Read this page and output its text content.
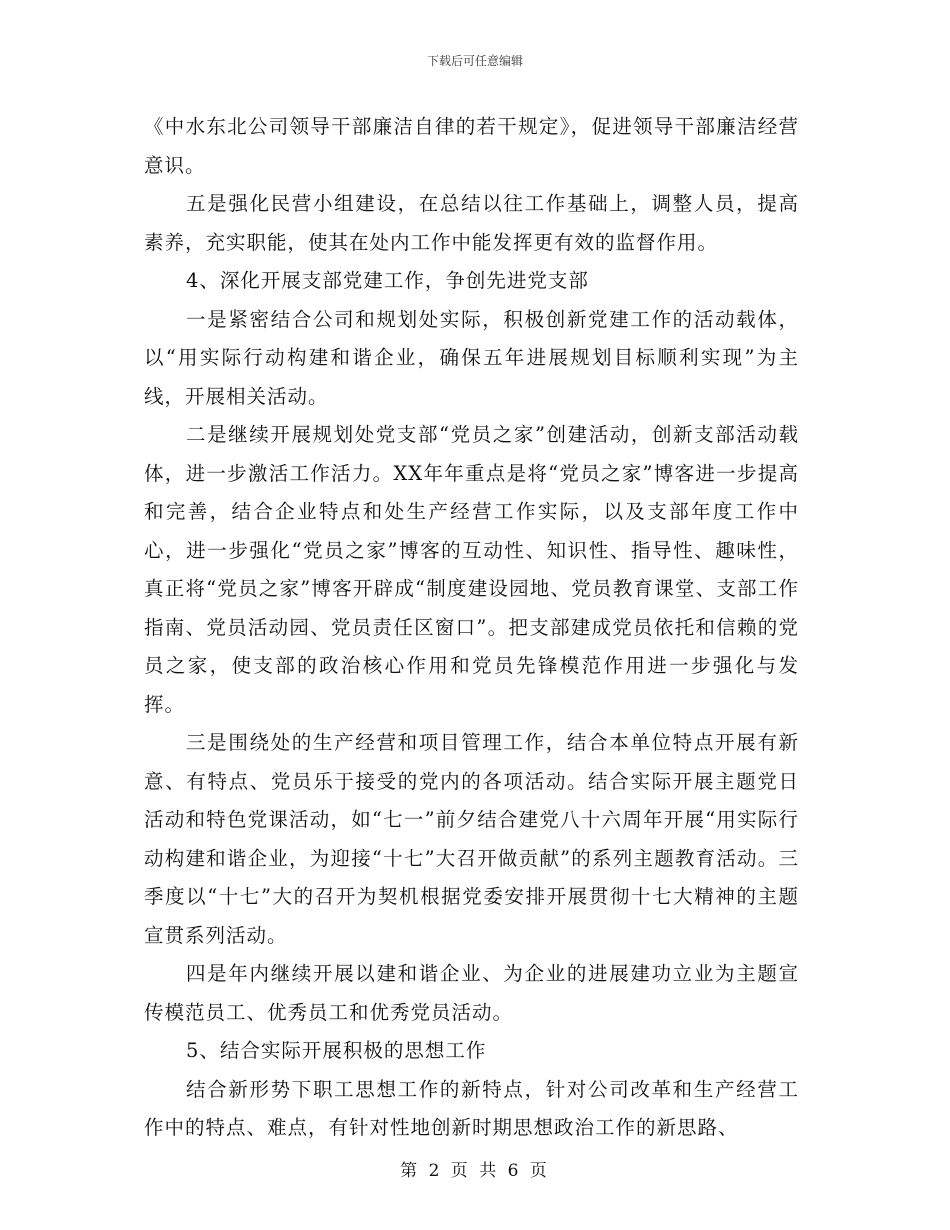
下载后可任意编辑

《中水东北公司领导干部廉洁自律的若干规定》，促进领导干部廉洁经营意识。

五是强化民营小组建设，在总结以往工作基础上，调整人员，提高素养，充实职能，使其在处内工作中能发挥更有效的监督作用。

4、深化开展支部党建工作，争创先进党支部

一是紧密结合公司和规划处实际，积极创新党建工作的活动载体，以“用实际行动构建和谐企业，确保五年进展规划目标顺利实现”为主线，开展相关活动。

二是继续开展规划处党支部“党员之家”创建活动，创新支部活动载体，进一步激活工作活力。XX年年重点是将“党员之家”博客进一步提高和完善，结合企业特点和处生产经营工作实际，以及支部年度工作中心，进一步强化“党员之家”博客的互动性、知识性、指导性、趣味性，真正将“党员之家”博客开辟成“制度建设园地、党员教育课堂、支部工作指南、党员活动园、党员责任区窗口”。把支部建成党员依托和信赖的党员之家，使支部的政治核心作用和党员先锋模范作用进一步强化与发挥。

三是围绕处的生产经营和项目管理工作，结合本单位特点开展有新意、有特点、党员乐于接受的党内的各项活动。结合实际开展主题党日活动和特色党课活动，如“七一”前夕结合建党八十六周年开展“用实际行动构建和谐企业，为迎接“十七”大召开做贡献”的系列主题教育活动。三季度以“十七”大的召开为契机根据党委安排开展贯彻十七大精神的主题宣贯系列活动。

四是年内继续开展以建和谐企业、为企业的进展建功立业为主题宣传模范员工、优秀员工和优秀党员活动。

5、结合实际开展积极的思想工作

结合新形势下职工思想工作的新特点，针对公司改革和生产经营工作中的特点、难点，有针对性地创新时期思想政治工作的新思路、

第 2 页 共 6 页
